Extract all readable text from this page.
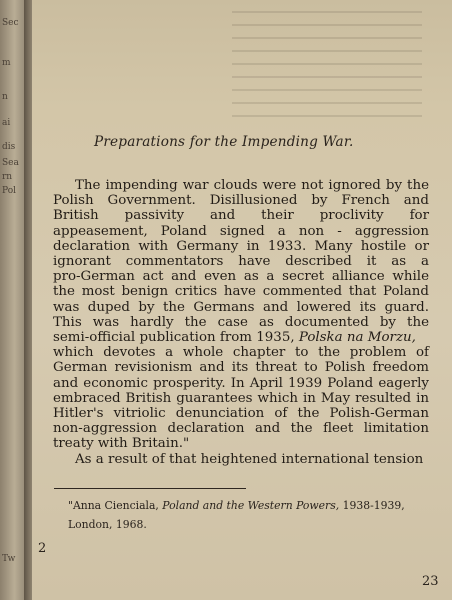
Sec
m
n
ai
dis
Sea
rn
Pol
Tw
Preparations for the Impending War.
The impending war clouds were not ignored by the
Polish Government. Disillusioned by French and
British passivity and their proclivity for
appeasement, Poland signed a non - aggression
declaration with Germany in 1933. Many hostile or
ignorant commentators have described it as a
pro-German act and even as a secret alliance while
the most benign critics have commented that Poland
was duped by the Germans and lowered its guard.
This was hardly the case as documented by the
semi-official publication from 1935, Polska na Morzu,
which devotes a whole chapter to the problem of
German revisionism and its threat to Polish freedom
and economic prosperity. In April 1939 Poland eagerly
embraced British guarantees which in May resulted in
Hitler's vitriolic denunciation of the Polish-German
non-aggression declaration and the fleet limitation
treaty with Britain."
As a result of that heightened international tension
"Anna Cienciala, Poland and the Western Powers, 1938-1939,
London, 1968.
2
23
